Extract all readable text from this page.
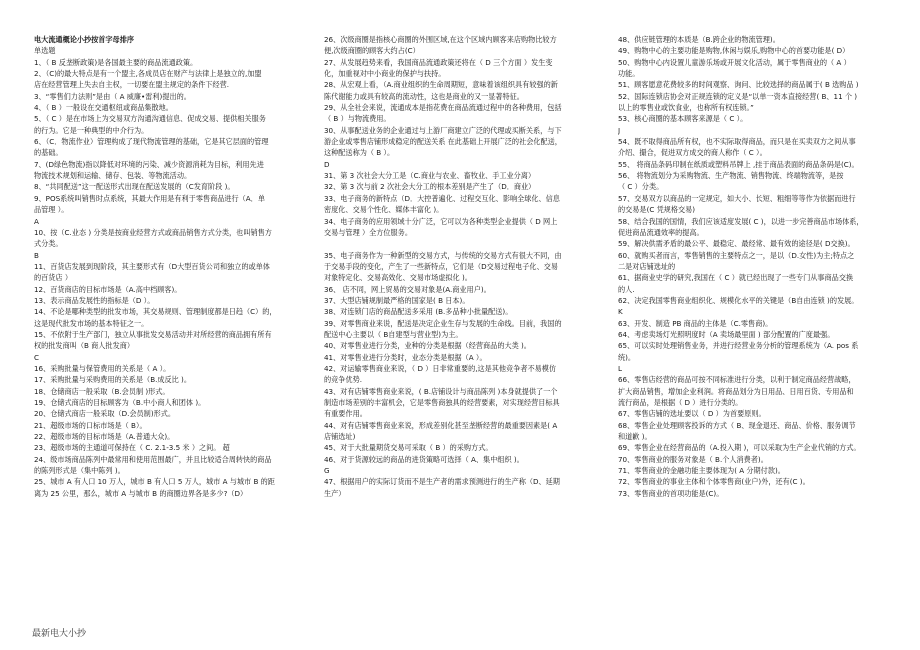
电大流通概论小抄按首字母排序
单选题
1、（ B 反垄断政策)是各国最主要的商品流通政策。
2、（C)的最大特点是有一个盟主,各成员店在财产与法律上是独立的,加盟
店在经营管理上失去自主权，一切要在盟主规定的条件下经营.
3、“零售们力法则”是由（ A 威廉•雷利)提出的。
4、（ B ）一般设在交通枢纽或商品集散地。
5、（ C ）是在市场上为交易双方沟通沟通信息、促成交易、提供相关服务
的行为。它是一种典型的中介行为。
6、（C．物流作业）管理构成了现代物流管理的基础，它是其它层面的管理
的基础。
7、(D绿色物流)指以降低对环境的污染、减少资源消耗为目标，利用先进
物流技术规划和运输、储存、包装、等物流活动。
8、“共同配送”这一配送形式出现在配送发展的（C发育阶段 )。
9、POS系统叫销售时点系统，其最大作用是有利于零售商品进行（A．单
品管理 ）。
A
10、按（C.业态 ) 分类是按商业经营方式或商品销售方式分类，也叫销售方
式分类。
B
11、百货店发展到现阶段，其主要形式有（D大型百货公司和独立的或单体
的百货店 ）
12、百货商店的目标市场是（A.高中档顾客)。
13、表示商品发展性的指标是（D ）。
14、不论是哪种类型的批发市场，其交易规则、管理制度都是日趋（C）的，
这是现代批发市场的基本特征之一。
15、不依附于生产部门，独立从事批发交易活动并对所经营的商品拥有所有
权的批发商叫（B 商人批发商）
C
16、采购批量与保管费用的关系是（ A ）。
17、采购批量与采购费用的关系是（B.成反比 )。
18、仓储商店一般采取（B.会员制 )形式。
19、仓储式商店的目标顾客为（B.中小商人和团体 )。
20、仓储式商店一般采取（D.会员制)形式。
21、超级市场的口标市场是（ B）。
22、超级市场的目标市场是（A.普通大众)。
23、超级市场的主通道可保持在（ C. 2.1-3.5 米 ）之间。 超
24、级市场商品陈列中最常用和使用范围最广，并且比较适合周转快的商品
的陈列形式是（集中陈列 )。
25、城市 A 有人口 10 万人，城市 B 有人口 5 万人，城市 A 与城市 B 的距
离为 25 公里，那么，城市 A 与城市 B 的商圈边界各是多少?（D）
26、次级商圈是指核心商圈的外围区域,在这个区域内顾客来店购物比较方
便,次级商圈的顾客大约占(C）
27、从发展趋势来看，我国商品流通政策还将在（ D 三个方面 ）发生变
化，加重视对中小商业的保护与扶持。
28、从宏观上看，（A.商业组织的生命周期短，意味着该组织具有较强的新
陈代谢能力或具有较高的流动性，这也是商业的又一显著特征。
29、从全社会来说，流通成本是指花费在商品流通过程中的各种费用，包括
（ B ）与物流费用。
30、从事配送业务的企业通过与上游厂商建立广泛的代理或买断关系，与下
游企业或零售店铺形成稳定的配送关系 在此基础上开展广泛的社会化配送，
这种配送称为（ B ）。
D
31、第 3 次社会大分工是（C.商业与农业、畜牧业、手工业分离）
32、第 3 次与前 2 次社会大分工的根本差别是产生了（D．商业）
33、电子商务的新特点（D．大控普遍化、过程交互化、影响全球化、信息
密度化、交易个性化、媒体丰富化 )。
34、电子商务的应用领域十分广泛，它可以为各种类型企业提供（ D 网上
交易与管理 ）全方位服务。
35、电子商务作为一种新型的交易方式，与传统的交易方式有很大不同，由
于交易手段的变化，产生了一些新特点，它们是（D交易过程电子化、交易
对象特定化、交易高效化、交易市场虚拟化 )。
36、 店不同，网上贸易的交易对象是(A.商业用户)。
37、大型店铺规制最严格的国家是( B 日本)。
38、对连锁门店的商品配送多采用 (B.多品种小批量配送)。
39、对零售商业来说，配送是决定企业生存与发展的生命线。目前，我国的
配送中心主要以（ B自建型与营业型)为主。
40、对零售业进行分类，业种的分类是根据（经营商品的大类 )。
41、对零售业进行分类时，业态分类是根据（A ）。
42、对运输零售商业来说，（ D ）日非常重要的,这是其他竞争者不易模仿
的竞争优势.
43、对有店铺零售商业来说，( B.店铺设计与商品陈列 )本身就提供了一个
制造市场差别的丰富机会，它是零售商独具的经营要素，对实现经营目标具
有重要作用。
44、对有店铺零售商业来说，形成差别化甚至垄断经营的最重要因素是( A
店铺选址)
45、对于大批量期货交易可采取（ B ）的采购方式。
46、对于货源较远的商品的进货策略可选择（ A、集中组织 )。
G
47、根据用户的实际订货而不是生产者的需求预测进行的生产称（D、延期
生产）
48、供应链管理的本质是（B.跨企业的物流管理)。
49、购物中心的主要功能是购物,休闲与娱乐,购物中心的首要功能是( D）
50、购物中心内设置儿童游乐场或开展文化活动，属于零售商业的（ A ）
功能。
51、顾客愿意花费较多的时间观察、询问、比较选择的商品属于( B 选购品 )
52、国际连锁店协会对正规连锁的定义是“以单一资本直接经营( B、11 个 )
以上的零售业或饮食业，也称所有权连锁。”
53、核心商圈的基本顾客来源是（ C ）。
J
54、既不取得商品所有权，也不实际取得商品，而只是在买卖双方之间从事
介绍、撮合，促进双方成交的商人称作（ C ）。
55、 将商品条码印制在纸质或塑料吊牌上 ,挂于商品表面的商品条码是(C)。
56、 将物流划分为采购物流、生产物流、销售物流、终端物流等，是按
（ C ）分类。
57、交易双方以商品的一定规定，如大小、长短、粗细等等作为依据而进行
的交易是(C 凭规格交易)
58、结合我国的国情，我们应该适度发展( C )，以进一步完善商品市场体系，
促进商品流通效率的提高。
59、解决供需矛盾的最公平、最稳定、最经常、最有效的途径是( D交换)。
60、就购买者而言，零售销售的主要特点之一，是以（D.女性)为主;特点之
二是对店铺选址的
61、据商业史学的研究,我国在（ C ）就已经出现了一些专门从事商品交换
的人.
62、决定我国零售商业组织化、规模化水平的关键是（B自由连锁 )的发展。
K
63、开发、制造 PB 商品的主体是（C.零售商)。
64、考虑卖场灯光照明度时（A 卖场最里面 ) 部分配置的广度最强。
65、可以实时处理销售业务，并进行经营业务分析的管理系统为（A. pos 系
统)。
L
66、零售店经营的商品可按不同标准进行分类，以利于制定商品经营战略，
扩大商品销售，增加企业利润。将商品划分为日用品、日用百货、专用品和
流行商品，是根据（ D ）进行分类的。
67、零售店铺的选址要以（ D ）为首要原则。
68、零售企业处理顾客投诉的方式（ B、现金退还、商品、价格、服务调节
和道歉 )。
69、零售企业在经营商品的（A.投入期 )，可以采取为生产企业代销的方式。
70、零售商业的服务对象是（ B.个人消费者)。
71、零售商业的金融功能主要体现为( A 分期付款)。
72、零售商业的事业主体和个体零售商(业户)外，还有(C )。
73、零售商业的首项功能是(C)。
最新电大小抄
